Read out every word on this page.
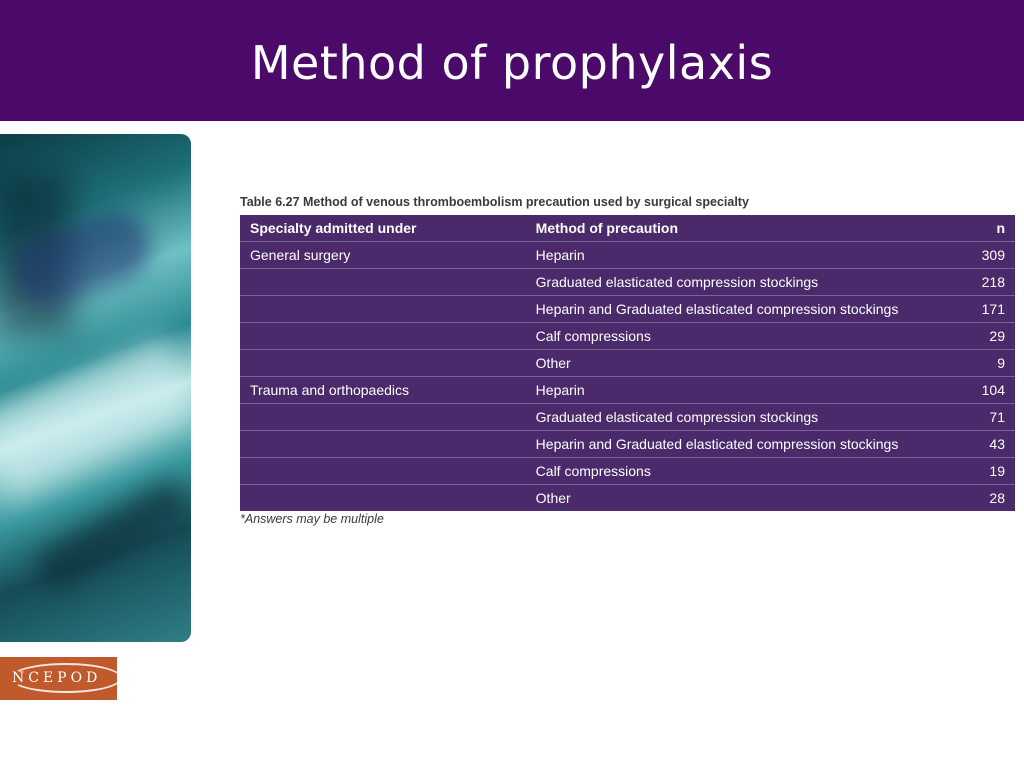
Method of prophylaxis
NCEPOD

Table 6.27 Method of venous thromboembolism precaution used by surgical specialty

Specialty admitted under	Method of precaution	n
General surgery	Heparin	309
	Graduated elasticated compression stockings	218
	Heparin and Graduated elasticated compression stockings	171
	Calf compressions	29
	Other	9
Trauma and orthopaedics	Heparin	104
	Graduated elasticated compression stockings	71
	Heparin and Graduated elasticated compression stockings	43
	Calf compressions	19
	Other	28

*Answers may be multiple
